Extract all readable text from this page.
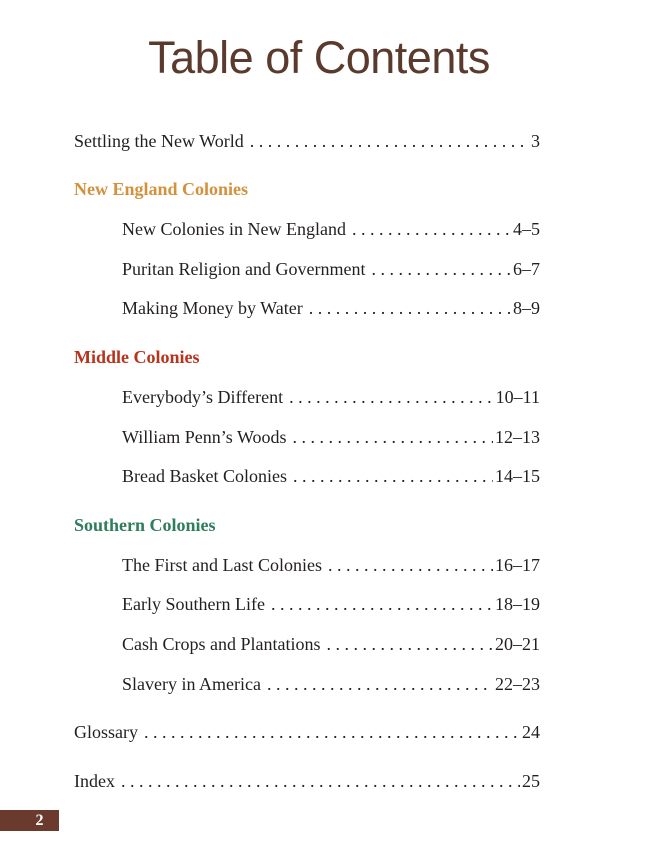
Table of Contents
Settling the New World . . .	3
New England Colonies
New Colonies in New England . . .	4–5
Puritan Religion and Government . . .	6–7
Making Money by Water . . .	8–9
Middle Colonies
Everybody’s Different . . .	10–11
William Penn’s Woods . . .	12–13
Bread Basket Colonies . . .	14–15
Southern Colonies
The First and Last Colonies . . .	16–17
Early Southern Life . . .	18–19
Cash Crops and Plantations . . .	20–21
Slavery in America . . .	22–23
Glossary . . .	24
Index . . .	25
2
